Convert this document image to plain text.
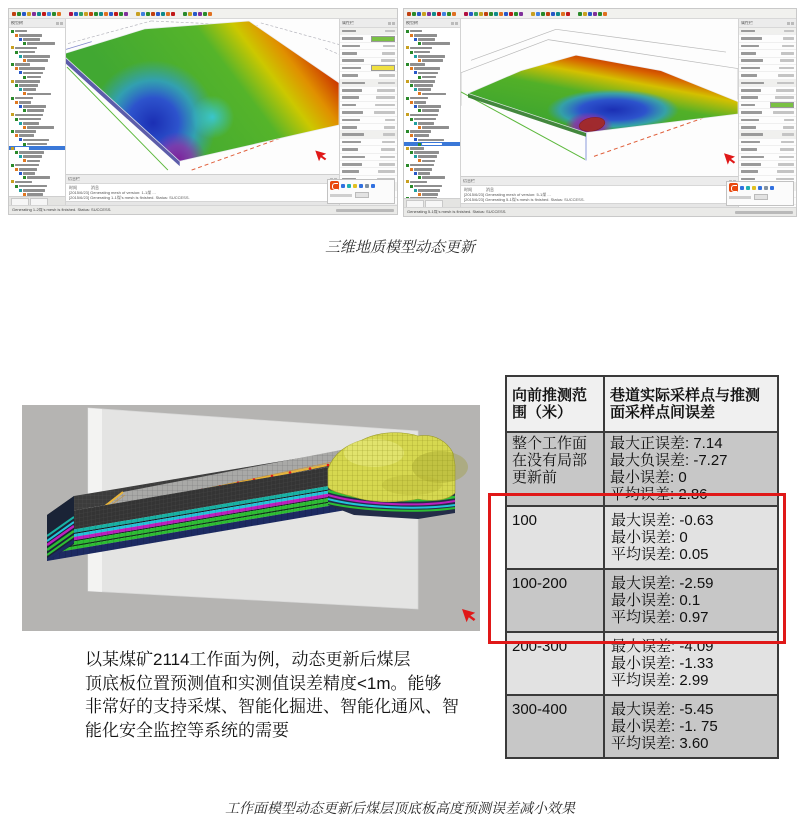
模型树
信息栏
时间	消息
[2015/6/23] Generating mesh of version: 1-1煤 ...
[2015/6/23] Generating 1-1煤's mesh is finished. Status: SUCCESS.
属性栏
Generating 1-2煤's mesh is finished. Status: SUCCESS.
模型树
信息栏
时间	消息
[2015/6/23] Generating mesh of version: 5-1煤 ...
[2015/6/23] Generating 5-1煤's mesh is finished. Status: SUCCESS.
属性栏
Generating 5-1煤's mesh is finished. Status: SUCCESS.
三维地质模型动态更新
向前推测范围（米）
巷道实际采样点与推测面采样点间误差
整个工作面在没有局部更新前
最大正误差: 7.14
最大负误差: -7.27
最小误差: 0
平均误差: 2.86
100	最大误差: -0.63
最小误差: 0
平均误差: 0.05
100-200	最大误差: -2.59
最小误差: 0.1
平均误差: 0.97
200-300	最大误差: -4.09
最小误差: -1.33
平均误差: 2.99
300-400	最大误差: -5.45
最小误差: -1. 75
平均误差: 3.60
以某煤矿2114工作面为例，动态更新后煤层
顶底板位置预测值和实测值误差精度<1m。能够
非常好的支持采煤、智能化掘进、智能化通风、智
能化安全监控等系统的需要
工作面模型动态更新后煤层顶底板高度预测误差减小效果
